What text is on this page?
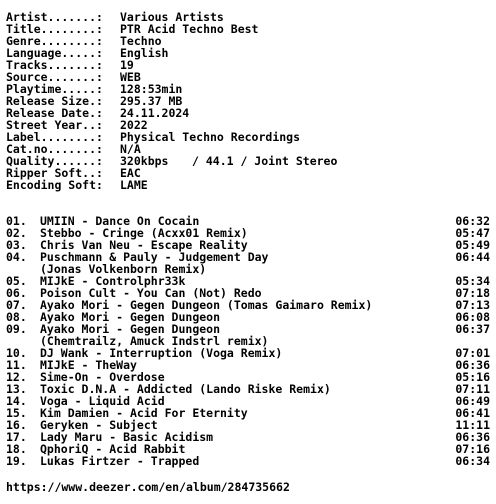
Artist.......: Various Artists
Title........: PTR Acid Techno Best
Genre........: Techno
Language.....: English
Tracks.......: 19
Source.......: WEB
Playtime.....: 128:53min
Release Size.: 295.37 MB
Release Date.: 24.11.2024
Street Year..: 2022
Label........: Physical Techno Recordings
Cat.no.......: N/A
Quality......: 320kbps / 44.1 / Joint Stereo
Ripper Soft..: EAC
Encoding Soft: LAME
01. UMIIN - Dance On Cocain	06:32
02. Stebbo - Cringe (Acxx01 Remix)	05:47
03. Chris Van Neu - Escape Reality	05:49
04. Puschmann & Pauly - Judgement Day	06:44
(Jonas Volkenborn Remix)
05. MIJkE - Controlphr33k	05:34
06. Poison Cult - You Can (Not) Redo	07:18
07. Ayako Mori - Gegen Dungeon (Tomas Gaimaro Remix)	07:13
08. Ayako Mori - Gegen Dungeon	06:08
09. Ayako Mori - Gegen Dungeon	06:37
(Chemtrailz, Amuck Indstrl remix)
10. DJ Wank - Interruption (Voga Remix)	07:01
11. MIJkE - TheWay	06:36
12. Sime-On - Overdose	05:16
13. Toxic D.N.A - Addicted (Lando Riske Remix)	07:11
14. Voga - Liquid Acid	06:49
15. Kim Damien - Acid For Eternity	06:41
16. Geryken - Subject	11:11
17. Lady Maru - Basic Acidism	06:36
18. QphoriQ - Acid Rabbit	07:16
19. Lukas Firtzer - Trapped	06:34
https://www.deezer.com/en/album/284735662
